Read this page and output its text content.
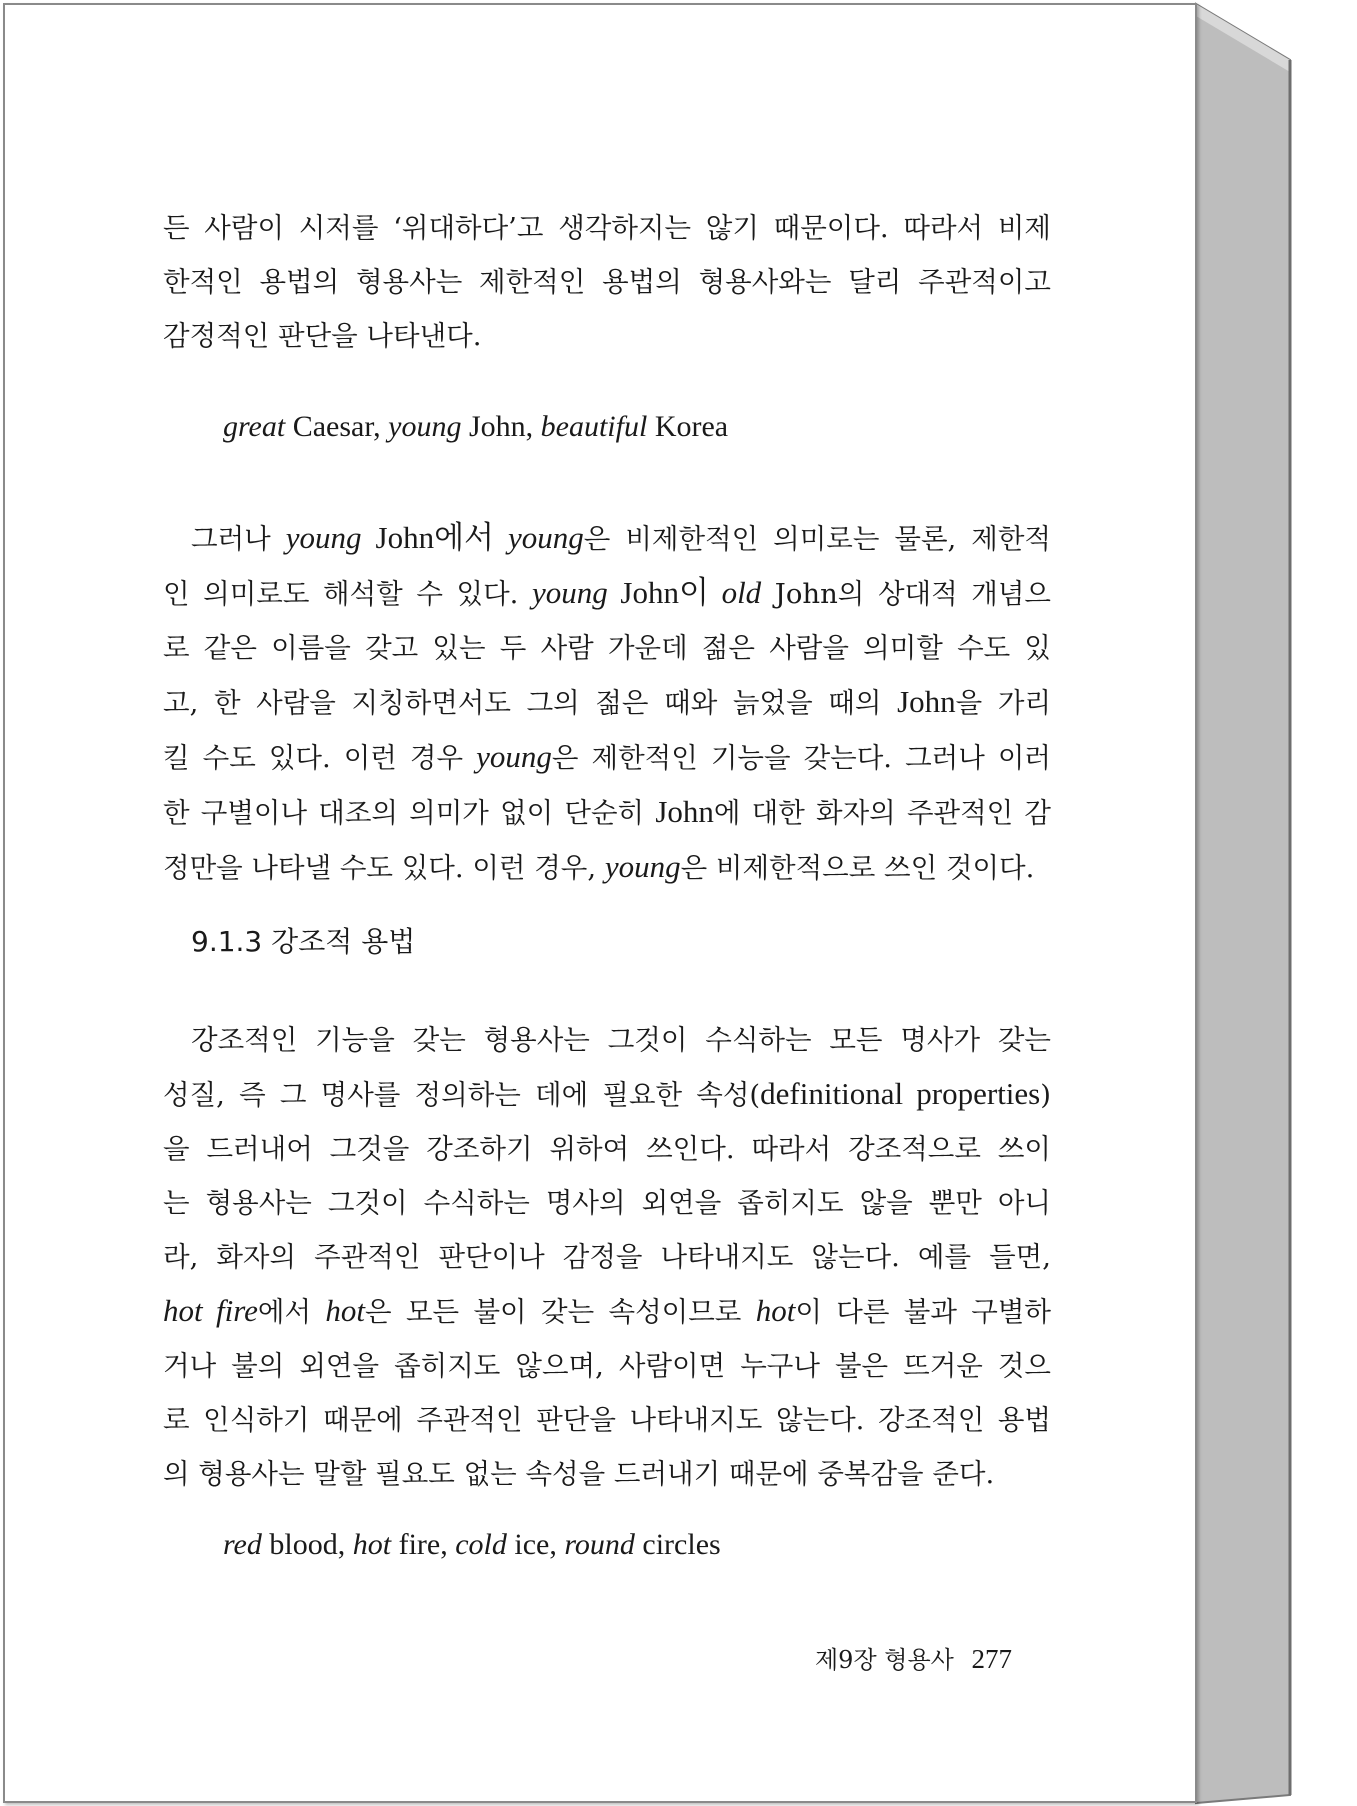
든 사람이 시저를 ‘위대하다’고 생각하지는 않기 때문이다. 따라서 비제
한적인 용법의 형용사는 제한적인 용법의 형용사와는 달리 주관적이고
감정적인 판단을 나타낸다.

great Caesar, young John, beautiful Korea

그러나 young John에서 young은 비제한적인 의미로는 물론, 제한적
인 의미로도 해석할 수 있다. young John이 old John의 상대적 개념으
로 같은 이름을 갖고 있는 두 사람 가운데 젊은 사람을 의미할 수도 있
고, 한 사람을 지칭하면서도 그의 젊은 때와 늙었을 때의 John을 가리
킬 수도 있다. 이런 경우 young은 제한적인 기능을 갖는다. 그러나 이러
한 구별이나 대조의 의미가 없이 단순히 John에 대한 화자의 주관적인 감
정만을 나타낼 수도 있다. 이런 경우, young은 비제한적으로 쓰인 것이다.

9.1.3 강조적 용법

강조적인 기능을 갖는 형용사는 그것이 수식하는 모든 명사가 갖는
성질, 즉 그 명사를 정의하는 데에 필요한 속성(definitional properties)
을 드러내어 그것을 강조하기 위하여 쓰인다. 따라서 강조적으로 쓰이
는 형용사는 그것이 수식하는 명사의 외연을 좁히지도 않을 뿐만 아니
라, 화자의 주관적인 판단이나 감정을 나타내지도 않는다. 예를 들면,
hot fire에서 hot은 모든 불이 갖는 속성이므로 hot이 다른 불과 구별하
거나 불의 외연을 좁히지도 않으며, 사람이면 누구나 불은 뜨거운 것으
로 인식하기 때문에 주관적인 판단을 나타내지도 않는다. 강조적인 용법
의 형용사는 말할 필요도 없는 속성을 드러내기 때문에 중복감을 준다.

red blood, hot fire, cold ice, round circles
제9장 형용사 277
